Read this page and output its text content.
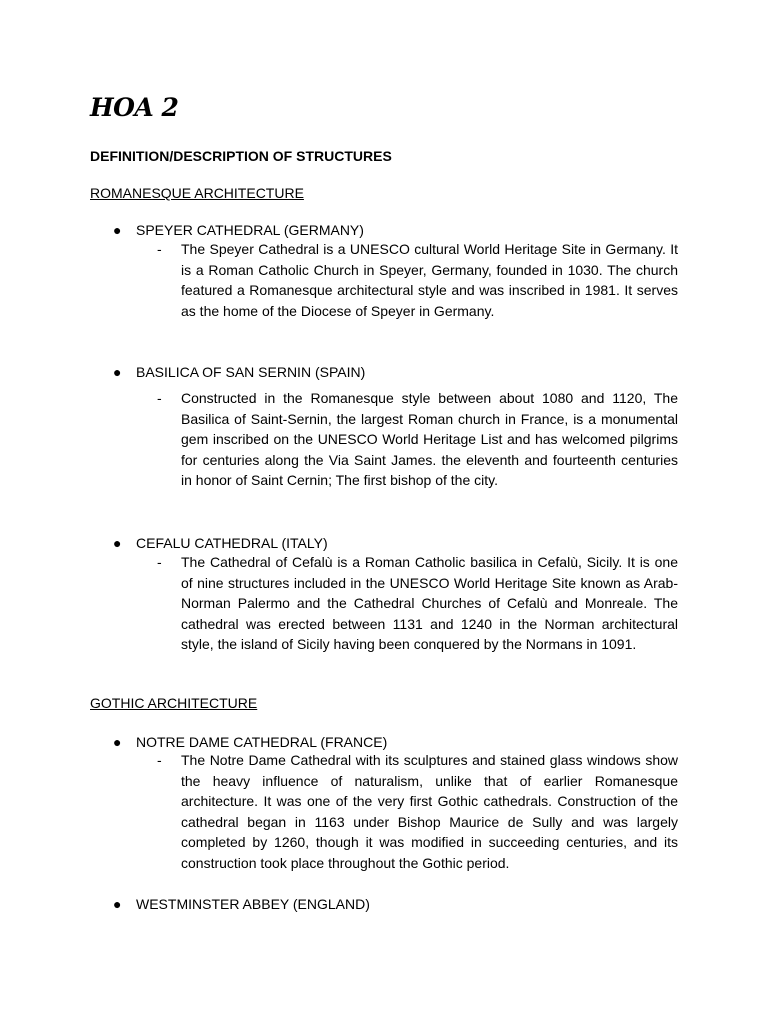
HOA 2
DEFINITION/DESCRIPTION OF STRUCTURES
ROMANESQUE ARCHITECTURE
● SPEYER CATHEDRAL (GERMANY)
- The Speyer Cathedral is a UNESCO cultural World Heritage Site in Germany. It is a Roman Catholic Church in Speyer, Germany, founded in 1030. The church featured a Romanesque architectural style and was inscribed in 1981. It serves as the home of the Diocese of Speyer in Germany.
● BASILICA OF SAN SERNIN (SPAIN)
- Constructed in the Romanesque style between about 1080 and 1120, The Basilica of Saint-Sernin, the largest Roman church in France, is a monumental gem inscribed on the UNESCO World Heritage List and has welcomed pilgrims for centuries along the Via Saint James. the eleventh and fourteenth centuries in honor of Saint Cernin; The first bishop of the city.
● CEFALU CATHEDRAL (ITALY)
- The Cathedral of Cefalù is a Roman Catholic basilica in Cefalù, Sicily. It is one of nine structures included in the UNESCO World Heritage Site known as Arab-Norman Palermo and the Cathedral Churches of Cefalù and Monreale. The cathedral was erected between 1131 and 1240 in the Norman architectural style, the island of Sicily having been conquered by the Normans in 1091.
GOTHIC ARCHITECTURE
● NOTRE DAME CATHEDRAL (FRANCE)
- The Notre Dame Cathedral with its sculptures and stained glass windows show the heavy influence of naturalism, unlike that of earlier Romanesque architecture. It was one of the very first Gothic cathedrals. Construction of the cathedral began in 1163 under Bishop Maurice de Sully and was largely completed by 1260, though it was modified in succeeding centuries, and its construction took place throughout the Gothic period.
● WESTMINSTER ABBEY (ENGLAND)
